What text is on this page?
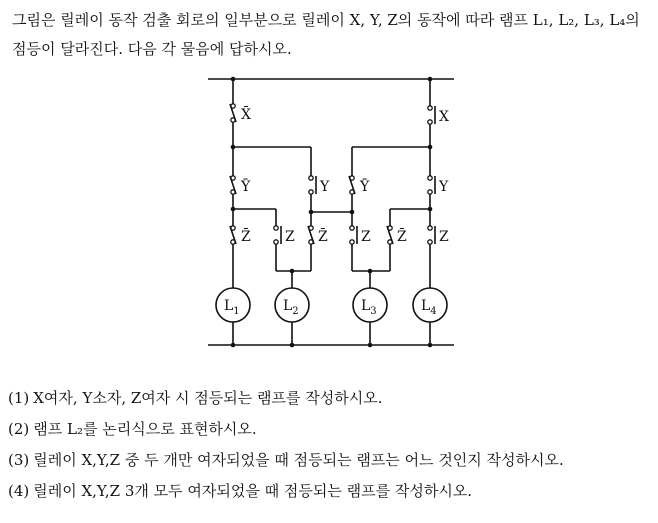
그림은 릴레이 동작 검출 회로의 일부분으로 릴레이 X, Y, Z의 동작에 따라 램프 L₁, L₂, L₃, L₄의 점등이 달라진다. 다음 각 물음에 답하시오.

X̄	X
Ȳ	Y Ȳ	Y
Z̄ Z Z̄ Z Z̄ Z
$L_1$	$L_2$	$L_3$	$L_4$
(1) X여자, Y소자, Z여자 시 점등되는 램프를 작성하시오.
(2) 램프 L₂를 논리식으로 표현하시오.
(3) 릴레이 X,Y,Z 중 두 개만 여자되었을 때 점등되는 램프는 어느 것인지 작성하시오.
(4) 릴레이 X,Y,Z 3개 모두 여자되었을 때 점등되는 램프를 작성하시오.
